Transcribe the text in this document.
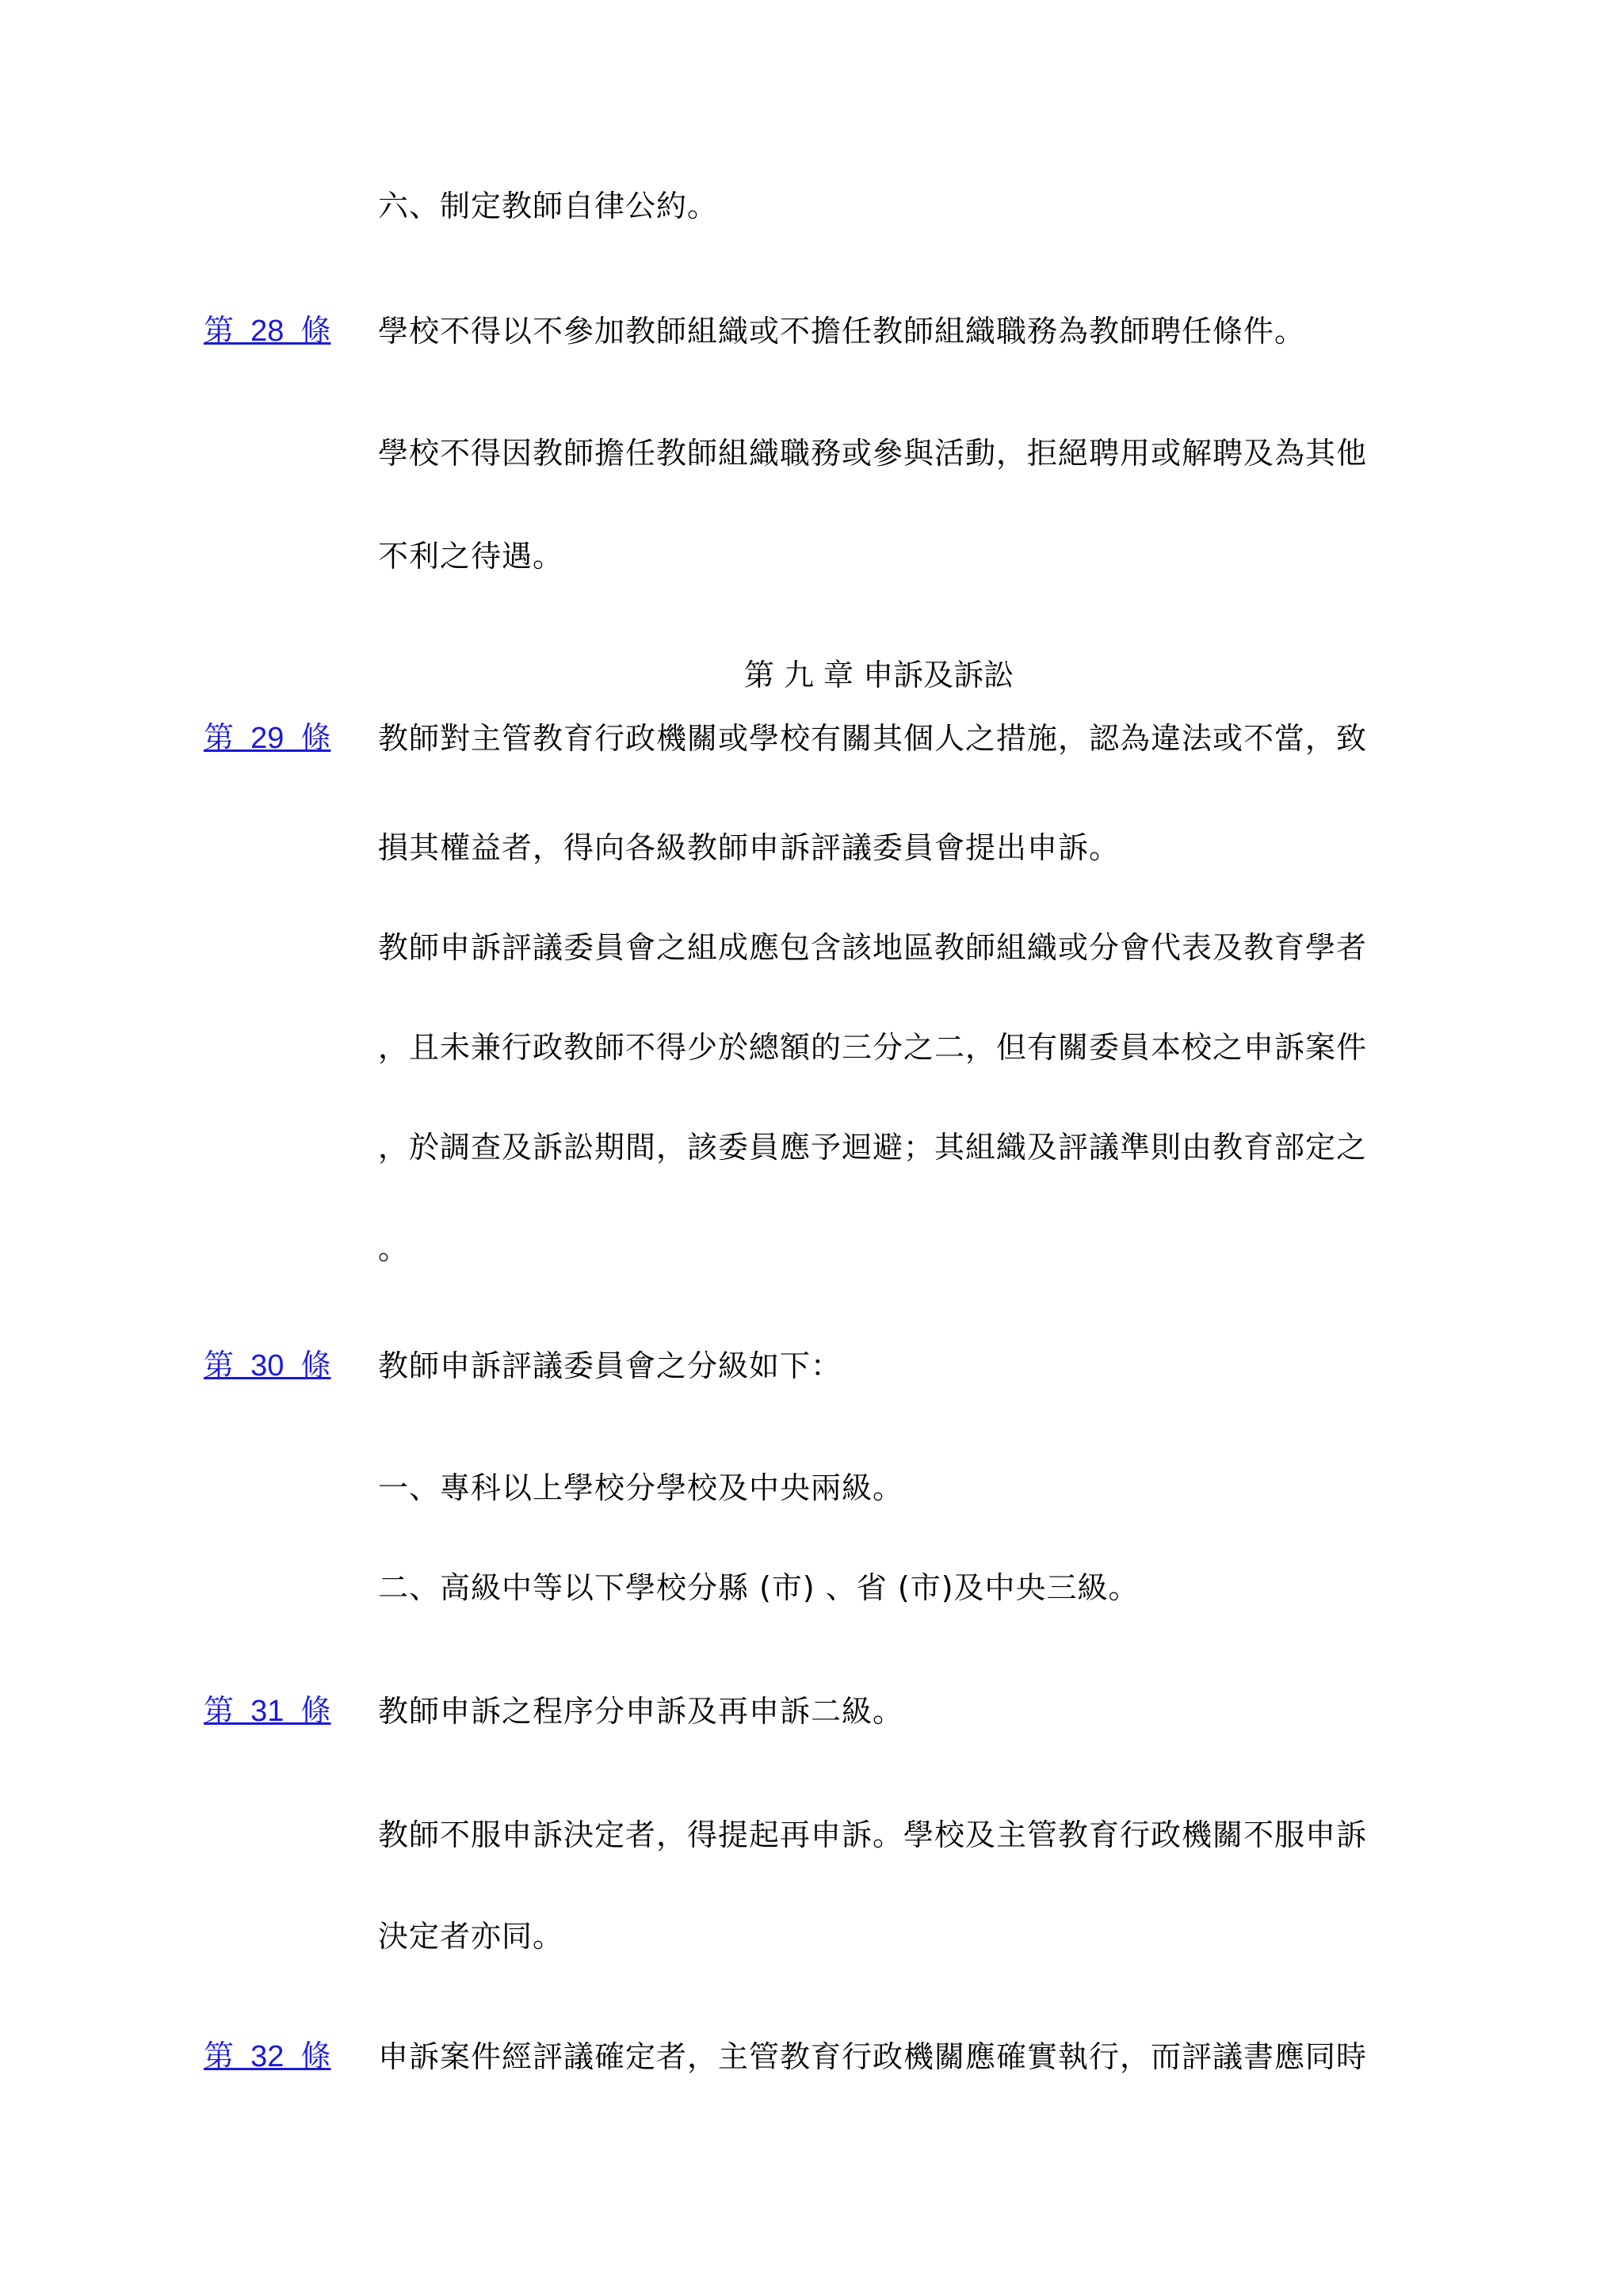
六、制定教師自律公約。
第  28  條 學校不得以不參加教師組織或不擔任教師組織職務為教師聘任條件。
學校不得因教師擔任教師組織職務或參與活動，拒絕聘用或解聘及為其他
不利之待遇。
第 九 章 申訴及訴訟
第  29  條 教師對主管教育行政機關或學校有關其個人之措施，認為違法或不當，致
損其權益者，得向各級教師申訴評議委員會提出申訴。
教師申訴評議委員會之組成應包含該地區教師組織或分會代表及教育學者
，且未兼行政教師不得少於總額的三分之二，但有關委員本校之申訴案件
，於調查及訴訟期間，該委員應予迴避；其組織及評議準則由教育部定之
。
第  30  條 教師申訴評議委員會之分級如下：
一、專科以上學校分學校及中央兩級。
二、高級中等以下學校分縣 (市) 、省 (市)及中央三級。
第  31  條 教師申訴之程序分申訴及再申訴二級。
教師不服申訴決定者，得提起再申訴。學校及主管教育行政機關不服申訴
決定者亦同。
第  32  條 申訴案件經評議確定者，主管教育行政機關應確實執行，而評議書應同時
